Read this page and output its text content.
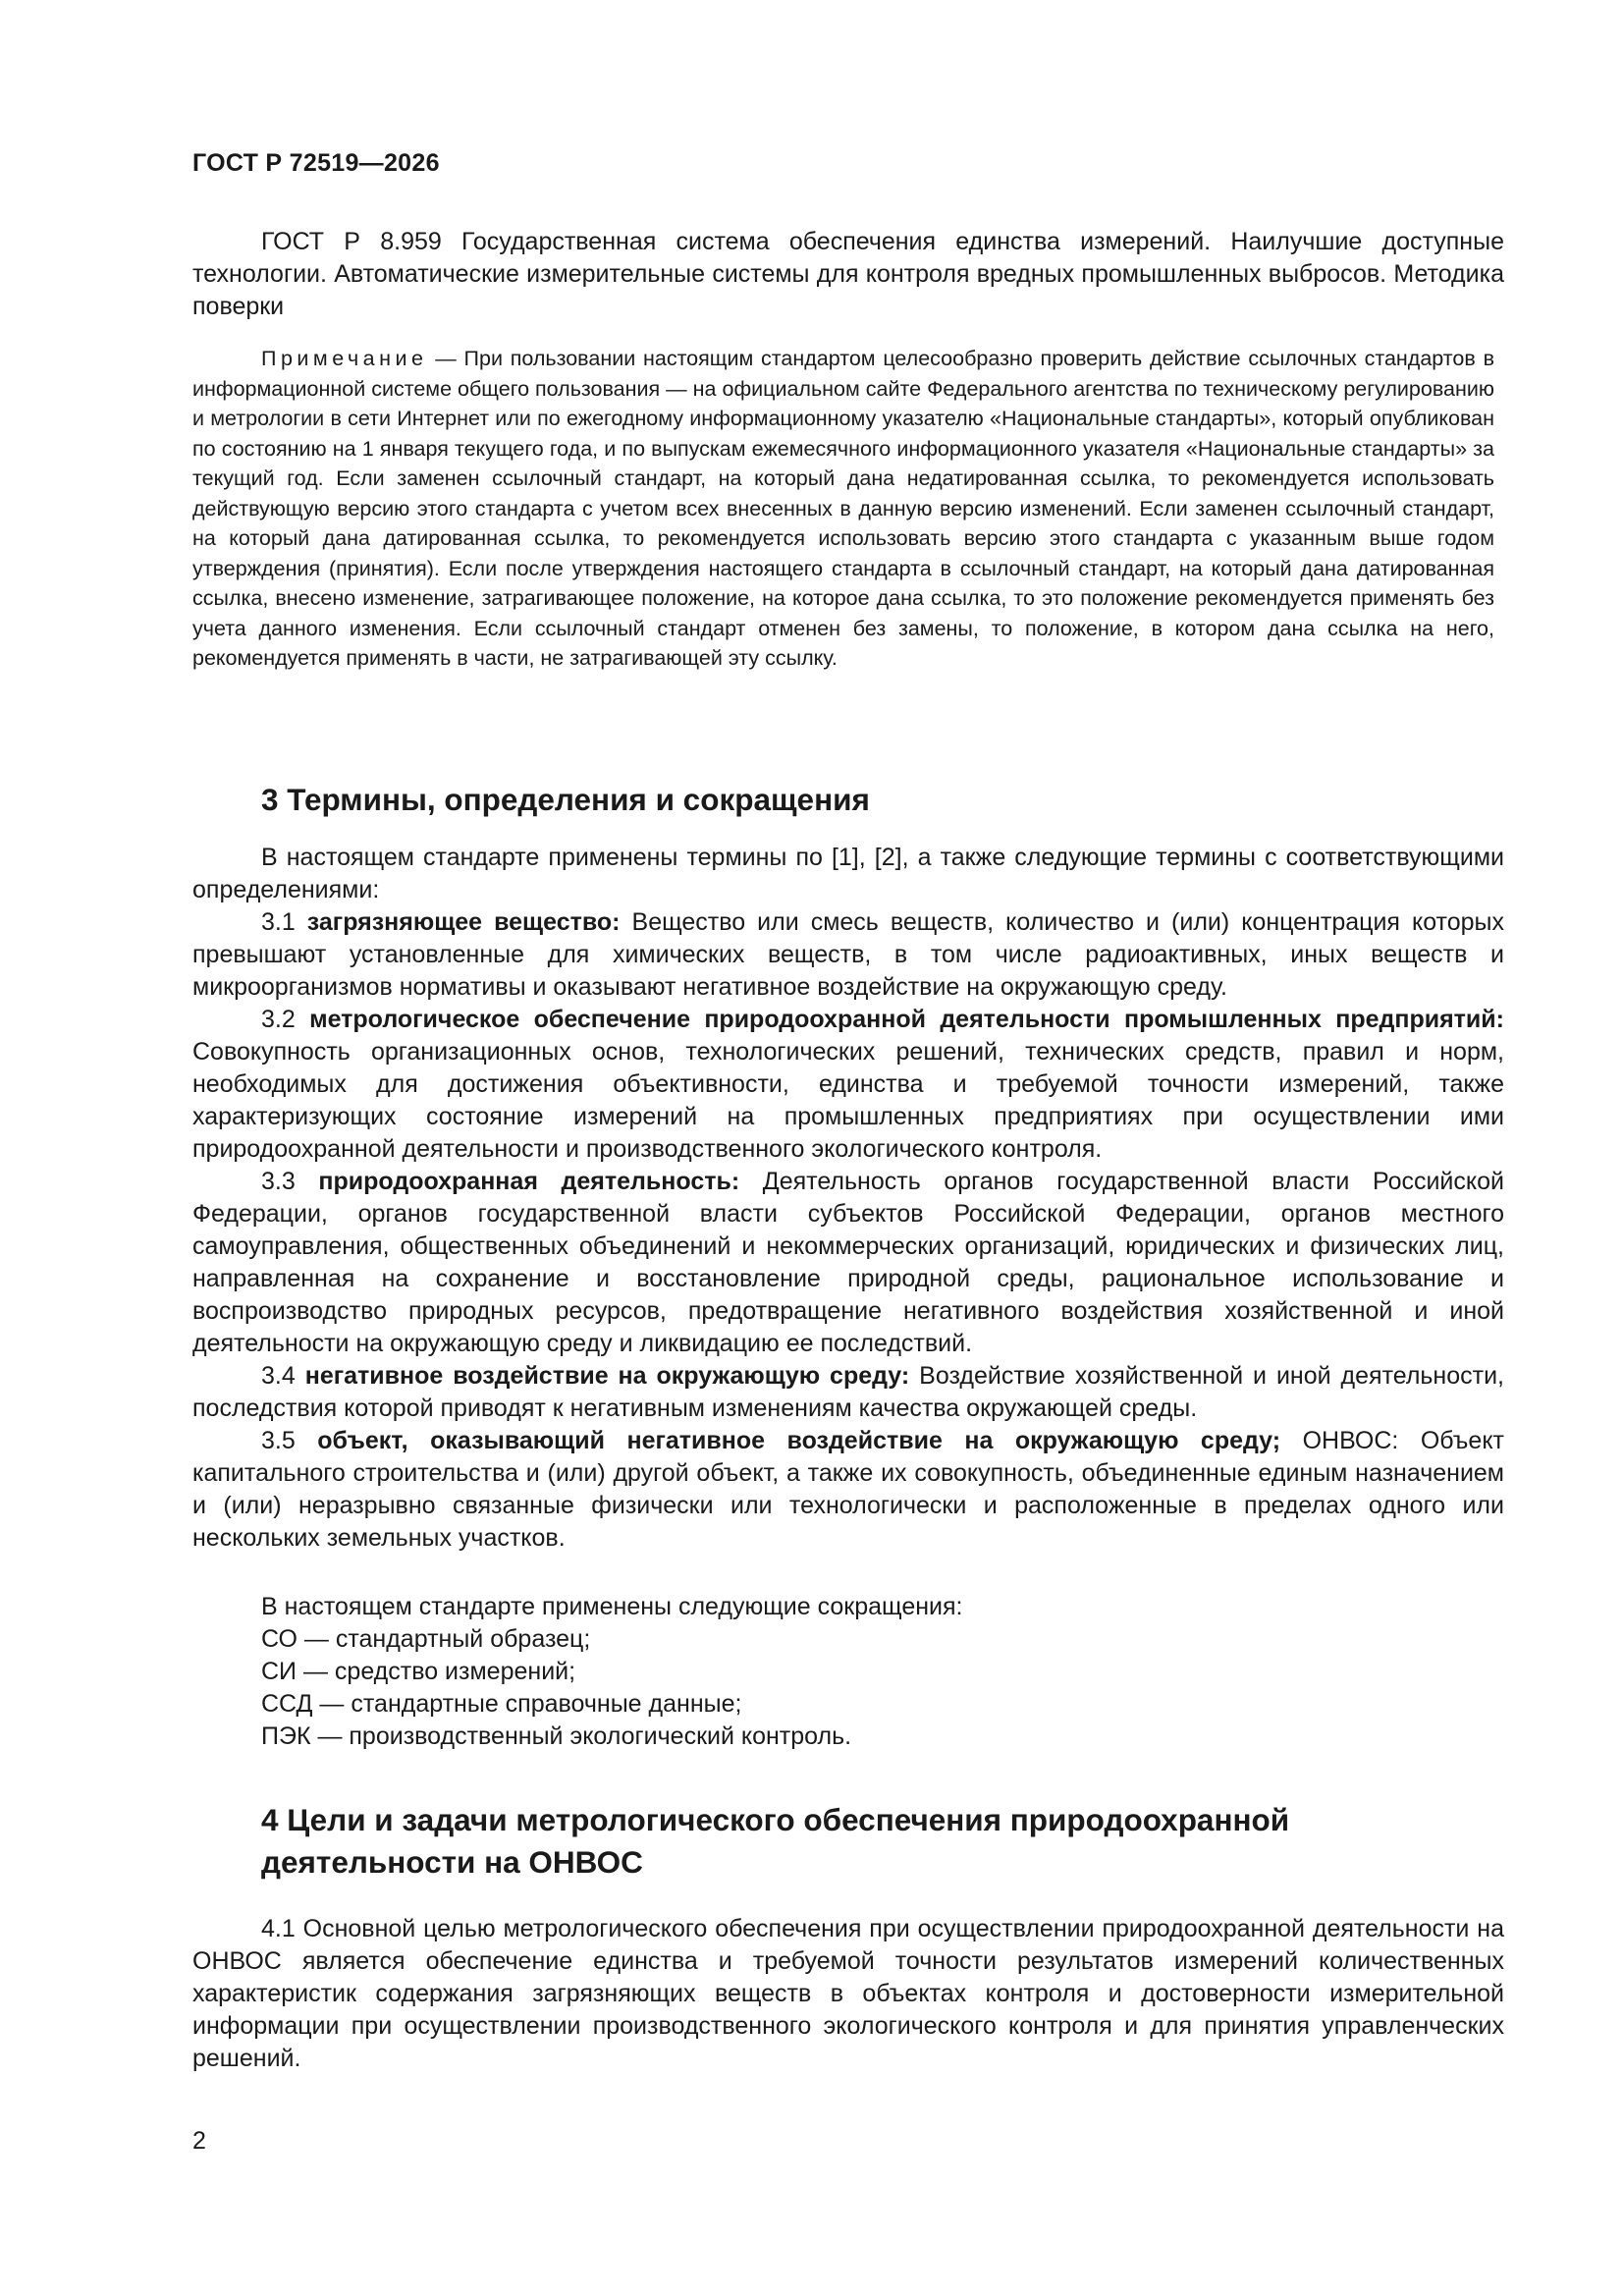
ГОСТ Р 72519—2026

ГОСТ Р 8.959 Государственная система обеспечения единства измерений. Наилучшие доступные технологии. Автоматические измерительные системы для контроля вредных промышленных выбросов. Методика поверки

Примечание — При пользовании настоящим стандартом целесообразно проверить действие ссылочных стандартов в информационной системе общего пользования — на официальном сайте Федерального агентства по техническому регулированию и метрологии в сети Интернет или по ежегодному информационному указателю «Национальные стандарты», который опубликован по состоянию на 1 января текущего года, и по выпускам ежемесячного информационного указателя «Национальные стандарты» за текущий год. Если заменен ссылочный стандарт, на который дана недатированная ссылка, то рекомендуется использовать действующую версию этого стандарта с учетом всех внесенных в данную версию изменений. Если заменен ссылочный стандарт, на который дана датированная ссылка, то рекомендуется использовать версию этого стандарта с указанным выше годом утверждения (принятия). Если после утверждения настоящего стандарта в ссылочный стандарт, на который дана датированная ссылка, внесено изменение, затрагивающее положение, на которое дана ссылка, то это положение рекомендуется применять без учета данного изменения. Если ссылочный стандарт отменен без замены, то положение, в котором дана ссылка на него, рекомендуется применять в части, не затрагивающей эту ссылку.

3 Термины, определения и сокращения

В настоящем стандарте применены термины по [1], [2], а также следующие термины с соответствующими определениями:

3.1 загрязняющее вещество: Вещество или смесь веществ, количество и (или) концентрация которых превышают установленные для химических веществ, в том числе радиоактивных, иных веществ и микроорганизмов нормативы и оказывают негативное воздействие на окружающую среду.

3.2 метрологическое обеспечение природоохранной деятельности промышленных предприятий: Совокупность организационных основ, технологических решений, технических средств, правил и норм, необходимых для достижения объективности, единства и требуемой точности измерений, также характеризующих состояние измерений на промышленных предприятиях при осуществлении ими природоохранной деятельности и производственного экологического контроля.

3.3 природоохранная деятельность: Деятельность органов государственной власти Российской Федерации, органов государственной власти субъектов Российской Федерации, органов местного самоуправления, общественных объединений и некоммерческих организаций, юридических и физических лиц, направленная на сохранение и восстановление природной среды, рациональное использование и воспроизводство природных ресурсов, предотвращение негативного воздействия хозяйственной и иной деятельности на окружающую среду и ликвидацию ее последствий.

3.4 негативное воздействие на окружающую среду: Воздействие хозяйственной и иной деятельности, последствия которой приводят к негативным изменениям качества окружающей среды.

3.5 объект, оказывающий негативное воздействие на окружающую среду; ОНВОС: Объект капитального строительства и (или) другой объект, а также их совокупность, объединенные единым назначением и (или) неразрывно связанные физически или технологически и расположенные в пределах одного или нескольких земельных участков.

В настоящем стандарте применены следующие сокращения:

СО — стандартный образец;

СИ — средство измерений;

ССД — стандартные справочные данные;

ПЭК — производственный экологический контроль.

4 Цели и задачи метрологического обеспечения природоохранной
деятельности на ОНВОС

4.1 Основной целью метрологического обеспечения при осуществлении природоохранной деятельности на ОНВОС является обеспечение единства и требуемой точности результатов измерений количественных характеристик содержания загрязняющих веществ в объектах контроля и достоверности измерительной информации при осуществлении производственного экологического контроля и для принятия управленческих решений.

2
